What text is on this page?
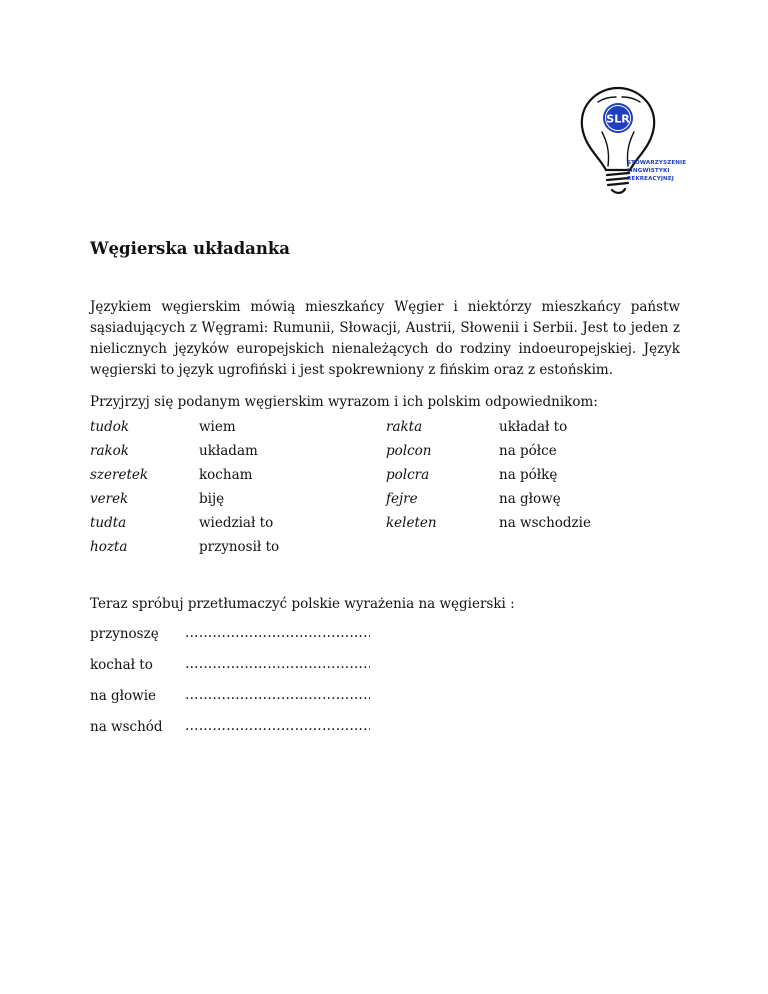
SLR
STOWARZYSZENIE
LINGWISTYKI
REKREACYJNEJ
Węgierska układanka

Językiem węgierskim mówią mieszkańcy Węgier i niektórzy mieszkańcy państw sąsiadujących z Węgrami: Rumunii, Słowacji, Austrii, Słowenii i Serbii. Jest to jeden z nielicznych języków europejskich nienależących do rodziny indoeuropejskiej. Język węgierski to język ugrofiński i jest spokrewniony z fińskim oraz z estońskim.

Przyjrzyj się podanym węgierskim wyrazom i ich polskim odpowiednikom:

tudok	wiem	rakta	układał to
rakok	układam	polcon	na półce
szeretek	kocham	polcra	na półkę
verek	biję	fejre	na głowę
tudta	wiedział to	keleten	na wschodzie
hozta	przynosił to

Teraz spróbuj przetłumaczyć polskie wyrażenia na węgierski :

przynoszę
………………………………………
kochał to
………………………………………
na głowie
………………………………………
na wschód
………………………………………
